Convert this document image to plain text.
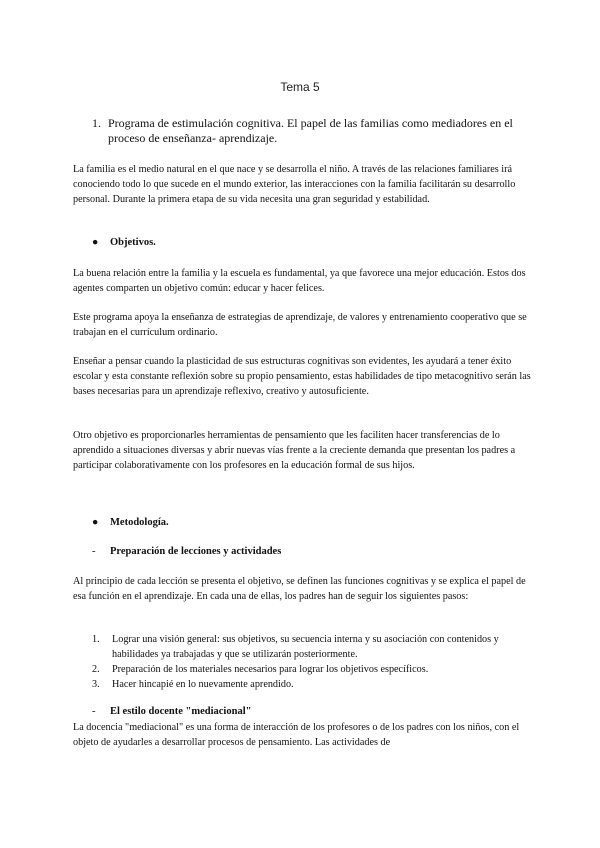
Tema 5
1. Programa de estimulación cognitiva. El papel de las familias como mediadores en el proceso de enseñanza- aprendizaje.
La familia es el medio natural en el que nace y se desarrolla el niño. A través de las relaciones familiares irá conociendo todo lo que sucede en el mundo exterior, las interacciones con la familia facilitarán su desarrollo personal. Durante la primera etapa de su vida necesita una gran seguridad y estabilidad.
● Objetivos.
La buena relación entre la familia y la escuela es fundamental, ya que favorece una mejor educación. Estos dos agentes comparten un objetivo común: educar y hacer felices.
Este programa apoya la enseñanza de estrategias de aprendizaje, de valores y entrenamiento cooperativo que se trabajan en el currículum ordinario.
Enseñar a pensar cuando la plasticidad de sus estructuras cognitivas son evidentes, les ayudará a tener éxito escolar y esta constante reflexión sobre su propio pensamiento, estas habilidades de tipo metacognitivo serán las bases necesarias para un aprendizaje reflexivo, creativo y autosuficiente.
Otro objetivo es proporcionarles herramientas de pensamiento que les faciliten hacer transferencias de lo aprendido a situaciones diversas y abrir nuevas vías frente a la creciente demanda que presentan los padres a participar colaborativamente con los profesores en la educación formal de sus hijos.
● Metodología.
- Preparación de lecciones y actividades
Al principio de cada lección se presenta el objetivo, se definen las funciones cognitivas y se explica el papel de esa función en el aprendizaje. En cada una de ellas, los padres han de seguir los siguientes pasos:
1. Lograr una visión general: sus objetivos, su secuencia interna y su asociación con contenidos y habilidades ya trabajadas y que se utilizarán posteriormente.
2. Preparación de los materiales necesarios para lograr los objetivos específicos.
3. Hacer hincapié en lo nuevamente aprendido.
- El estilo docente "mediacional"
La docencia "mediacional" es una forma de interacción de los profesores o de los padres con los niños, con el objeto de ayudarles a desarrollar procesos de pensamiento. Las actividades de
